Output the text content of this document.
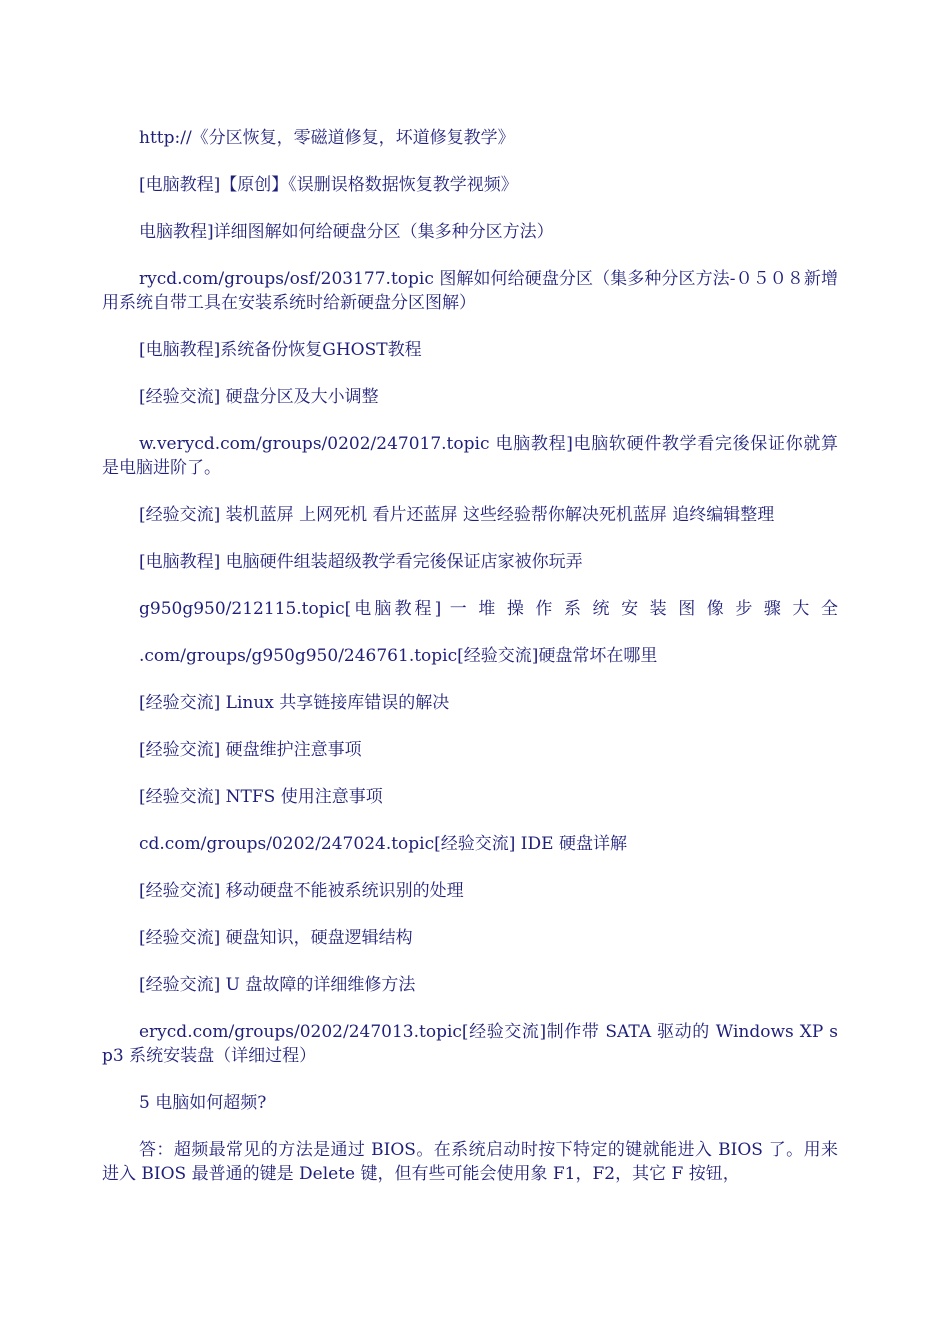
http://《分区恢复，零磁道修复，坏道修复教学》

[电脑教程]【原创】《误删误格数据恢复教学视频》

电脑教程]详细图解如何给硬盘分区（集多种分区方法）

rycd.com/groups/osf/203177.topic 图解如何给硬盘分区（集多种分区方法-０５０８新增用系统自带工具在安装系统时给新硬盘分区图解）

[电脑教程]系统备份恢复GHOST教程

[经验交流] 硬盘分区及大小调整

w.verycd.com/groups/0202/247017.topic 电脑教程]电脑软硬件教学看完後保证你就算是电脑进阶了。

[经验交流] 装机蓝屏 上网死机 看片还蓝屏 这些经验帮你解决死机蓝屏 追终编辑整理

[电脑教程] 电脑硬件组装超级教学看完後保证店家被你玩弄

g950g950/212115.topic[电脑教程] 一 堆 操 作 系 统 安 装 图 像 步 骤 大 全

.com/groups/g950g950/246761.topic[经验交流]硬盘常坏在哪里

[经验交流] Linux 共享链接库错误的解决

[经验交流] 硬盘维护注意事项

[经验交流] NTFS 使用注意事项

cd.com/groups/0202/247024.topic[经验交流] IDE 硬盘详解

[经验交流] 移动硬盘不能被系统识别的处理

[经验交流] 硬盘知识，硬盘逻辑结构

[经验交流] U 盘故障的详细维修方法

erycd.com/groups/0202/247013.topic[经验交流]制作带 SATA 驱动的 Windows XP sp3 系统安装盘（详细过程）

5 电脑如何超频?

答：超频最常见的方法是通过 BIOS。在系统启动时按下特定的键就能进入 BIOS 了。用来进入 BIOS 最普通的键是 Delete 键，但有些可能会使用象 F1，F2，其它 F 按钮，
